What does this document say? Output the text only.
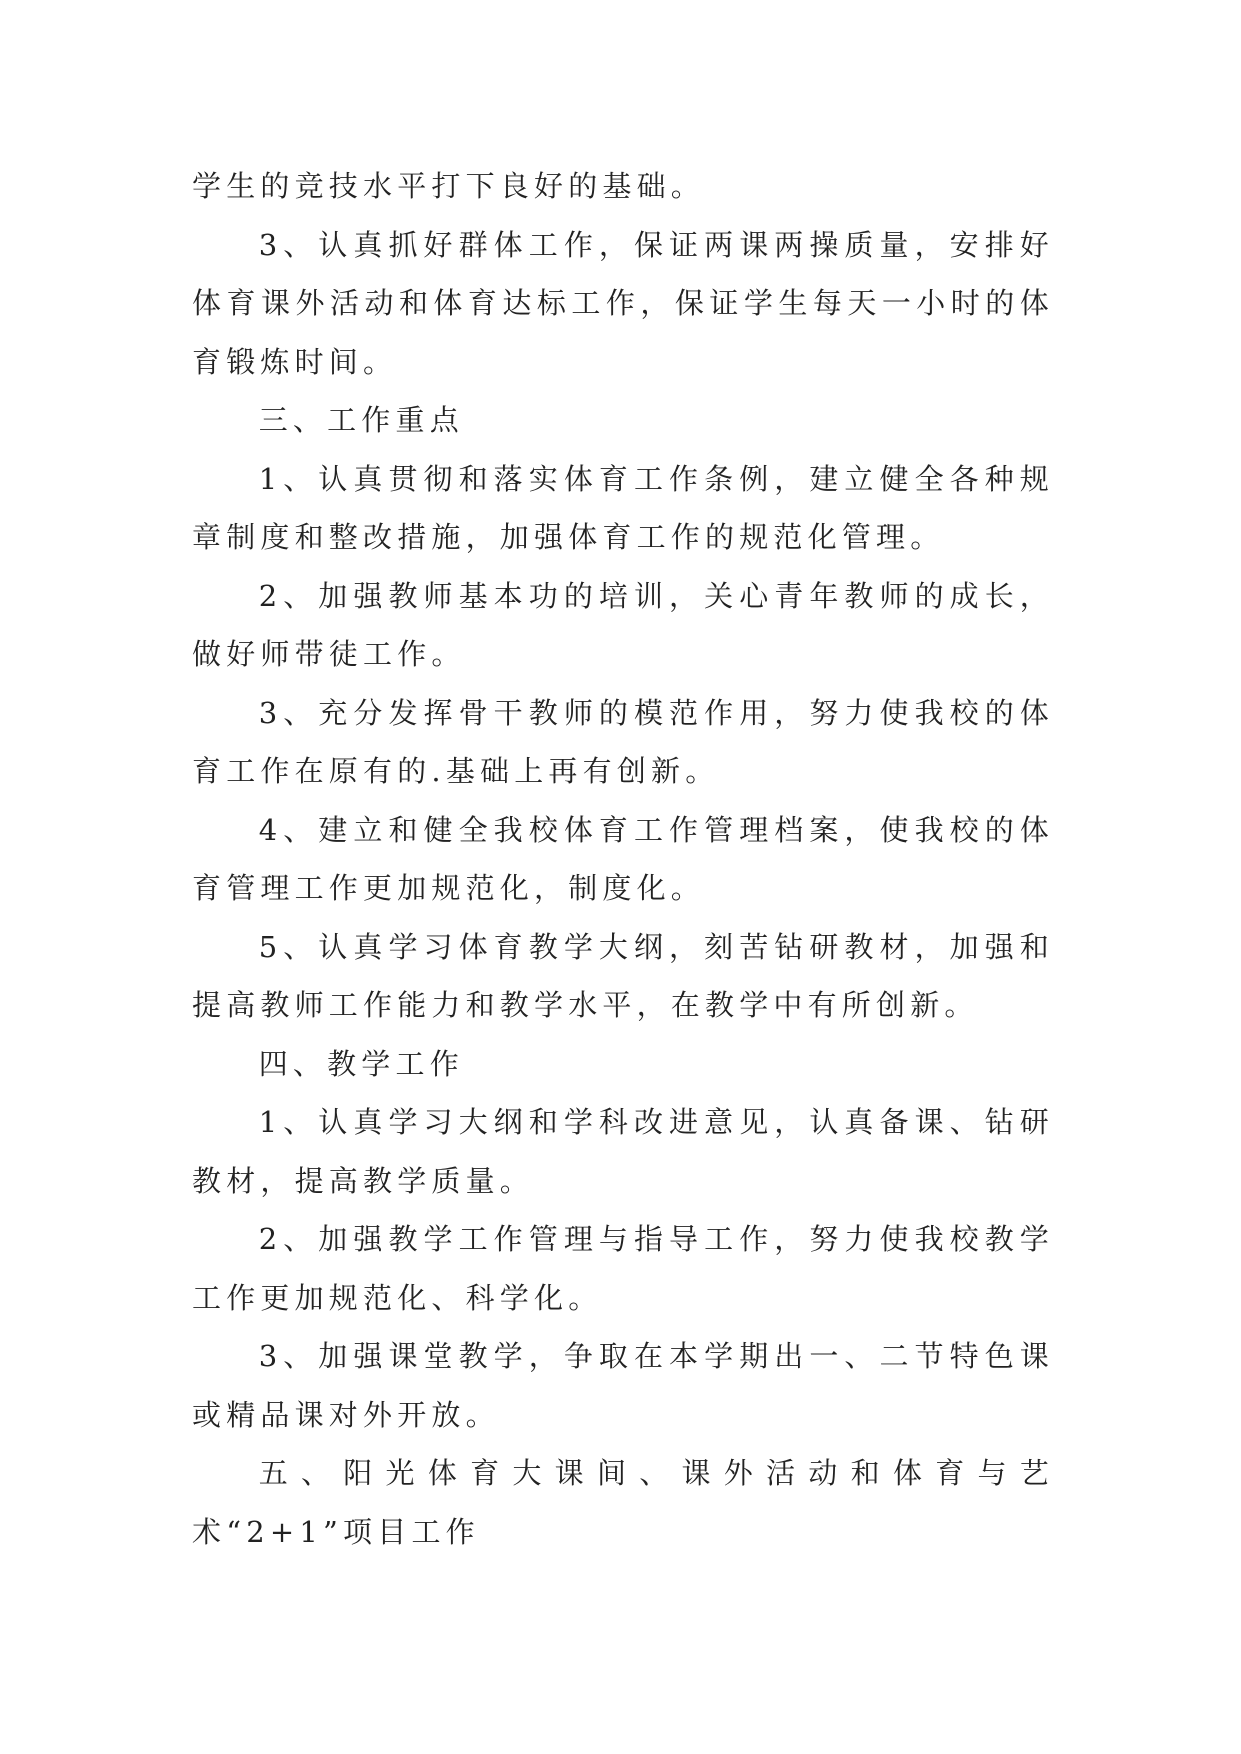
学生的竞技水平打下良好的基础。

3、认真抓好群体工作，保证两课两操质量，安排好体育课外活动和体育达标工作，保证学生每天一小时的体育锻炼时间。

三、工作重点

1、认真贯彻和落实体育工作条例，建立健全各种规章制度和整改措施，加强体育工作的规范化管理。

2、加强教师基本功的培训，关心青年教师的成长，做好师带徒工作。

3、充分发挥骨干教师的模范作用，努力使我校的体育工作在原有的.基础上再有创新。

4、建立和健全我校体育工作管理档案，使我校的体育管理工作更加规范化，制度化。

5、认真学习体育教学大纲，刻苦钻研教材，加强和提高教师工作能力和教学水平，在教学中有所创新。

四、教学工作

1、认真学习大纲和学科改进意见，认真备课、钻研教材，提高教学质量。

2、加强教学工作管理与指导工作，努力使我校教学工作更加规范化、科学化。

3、加强课堂教学，争取在本学期出一、二节特色课或精品课对外开放。

五、阳光体育大课间、课外活动和体育与艺术“2+1”项目工作
